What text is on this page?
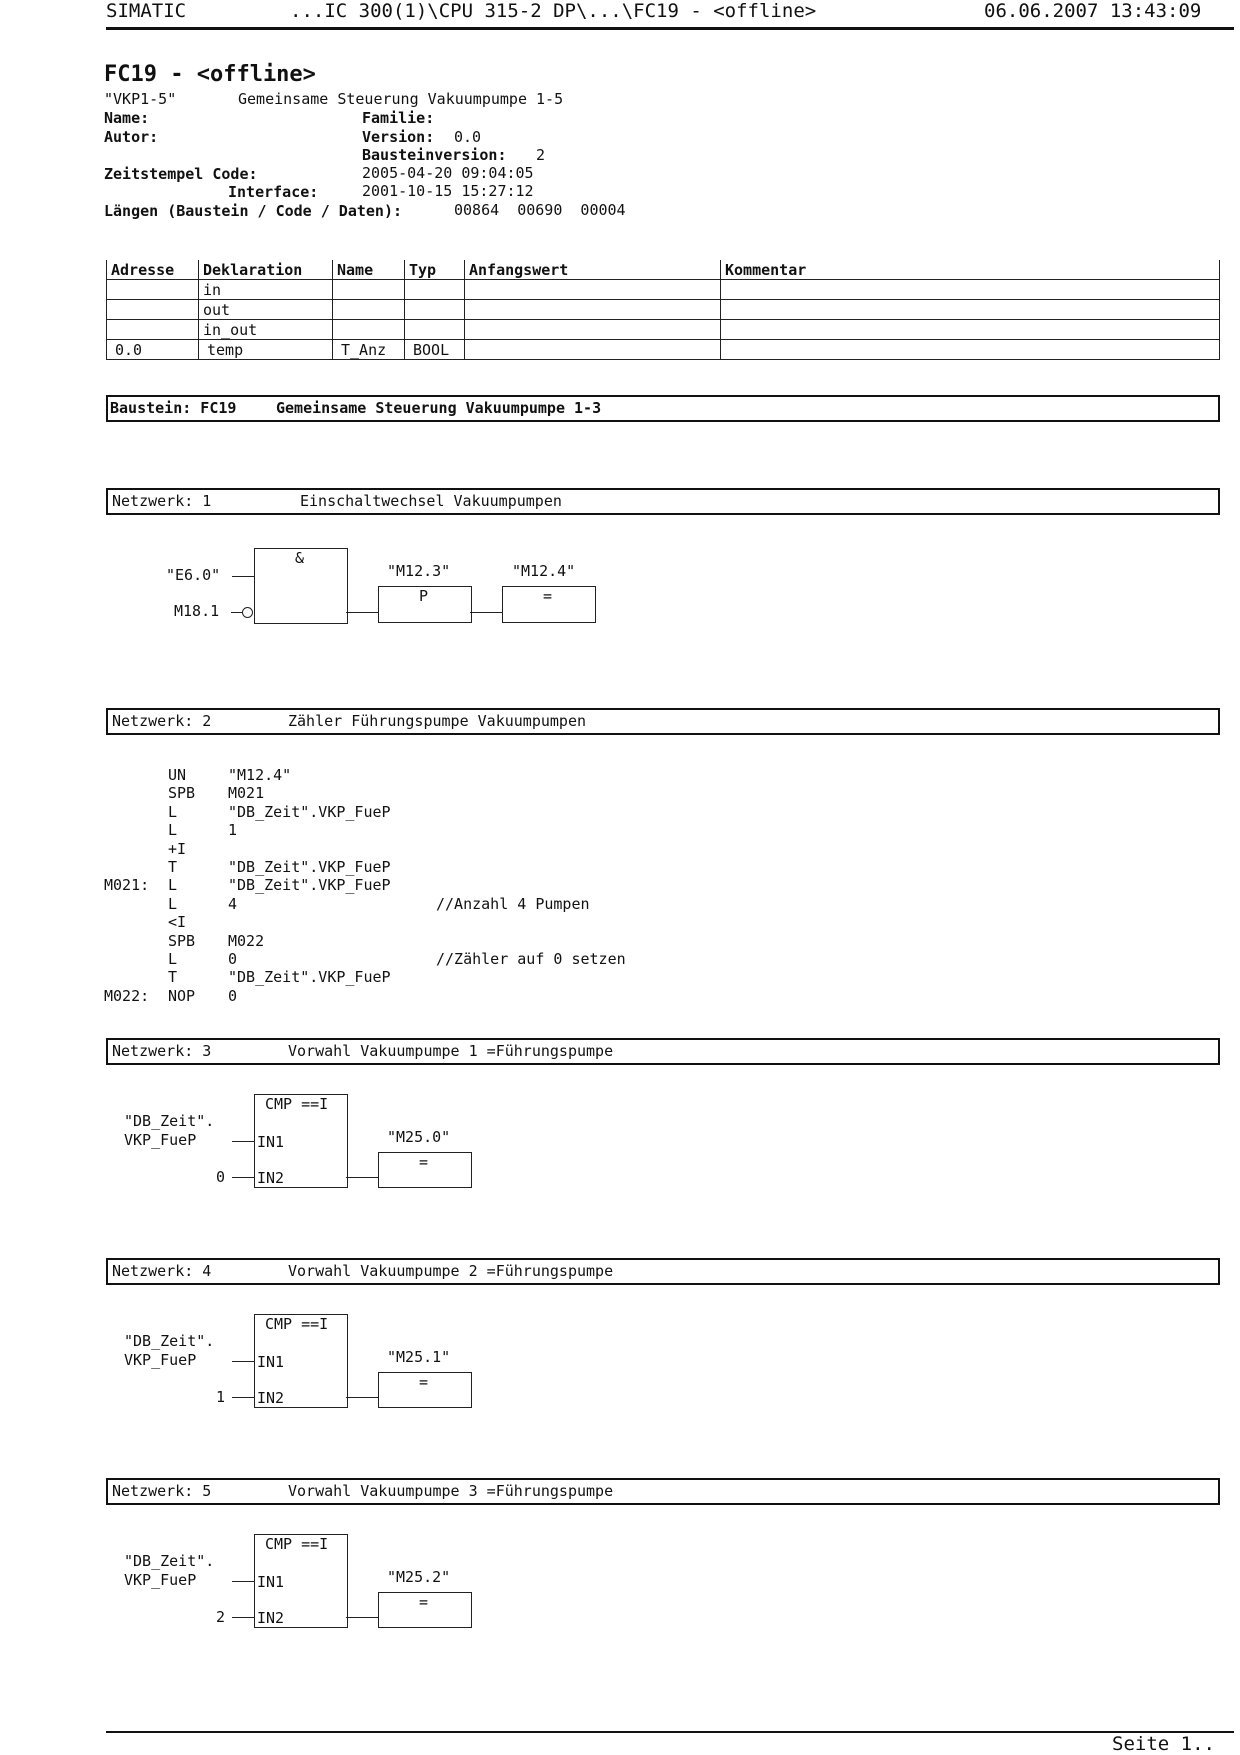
SIMATIC	...IC 300(1)\CPU 315-2 DP\...\FC19 - <offline>	06.06.2007 13:43:09
FC19 - <offline>
"VKP1-5"	Gemeinsame Steuerung Vakuumpumpe 1-5
Name:	Familie:
Autor:	Version: 0.0
Bausteinversion: 2
Zeitstempel Code:	2005-04-20 09:04:05
Interface:	2001-10-15 15:27:12
Längen (Baustein / Code / Daten):	00864  00690  00004
Adresse	Deklaration	Name	Typ	Anfangswert	Kommentar
	in				
	out				
	in_out				
0.0	temp	T_Anz	BOOL		
Baustein: FC19	Gemeinsame Steuerung Vakuumpumpe 1-3
Netzwerk: 1	Einschaltwechsel Vakuumpumpen
&
"E6.0"
M18.1
"M12.3"
P
"M12.4"
=
Netzwerk: 2	Zähler Führungspumpe Vakuumpumpen
UN	"M12.4"
SPB M021
L	"DB_Zeit".VKP_FueP
L	1
+I
T	"DB_Zeit".VKP_FueP
M021: L	"DB_Zeit".VKP_FueP
L	4	//Anzahl 4 Pumpen
<I
SPB M022
L	0	//Zähler auf 0 setzen
T	"DB_Zeit".VKP_FueP
M022: NOP 0
Netzwerk: 3	Vorwahl Vakuumpumpe 1 =Führungspumpe
Netzwerk: 4	Vorwahl Vakuumpumpe 2 =Führungspumpe
Netzwerk: 5	Vorwahl Vakuumpumpe 3 =Führungspumpe
CMP ==I
IN1
IN2
"DB_Zeit".
VKP_FueP
0
"M25.0"
=
CMP ==I
IN1
IN2
"DB_Zeit".
VKP_FueP
1
"M25.1"
=
CMP ==I
IN1
IN2
"DB_Zeit".
VKP_FueP
2
"M25.2"
=
Seite 1..
